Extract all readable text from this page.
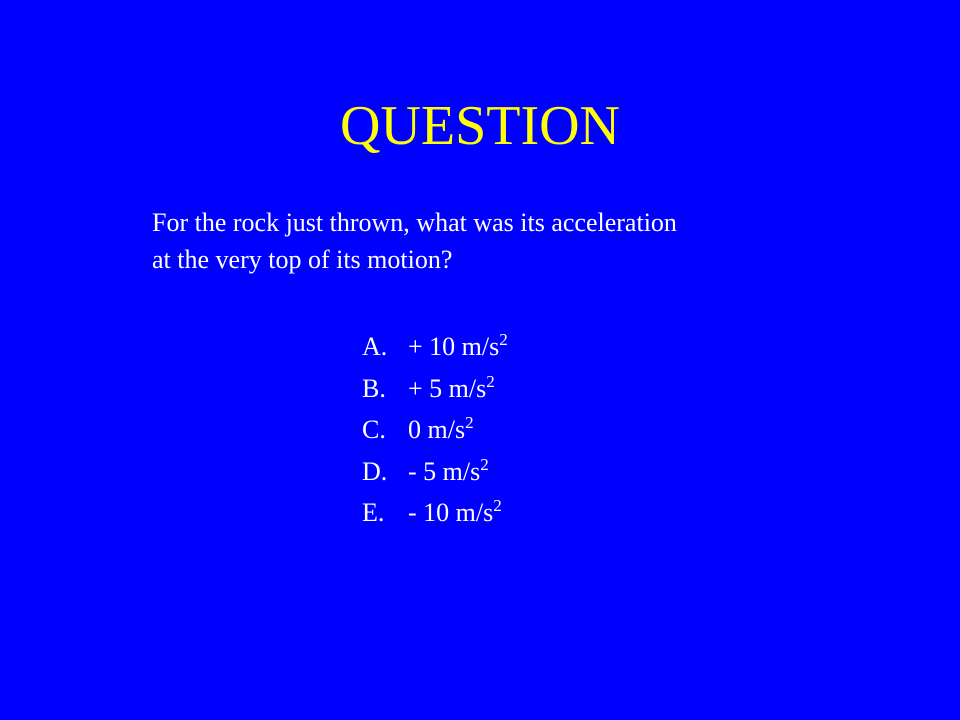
QUESTION

For the rock just thrown, what was its acceleration

at the very top of its motion?

A. + 10 $m/s^2$
B. + 5 $m/s^2$
C. 0 $m/s^2$
D. - 5 $m/s^2$
E. - 10 $m/s^2$
